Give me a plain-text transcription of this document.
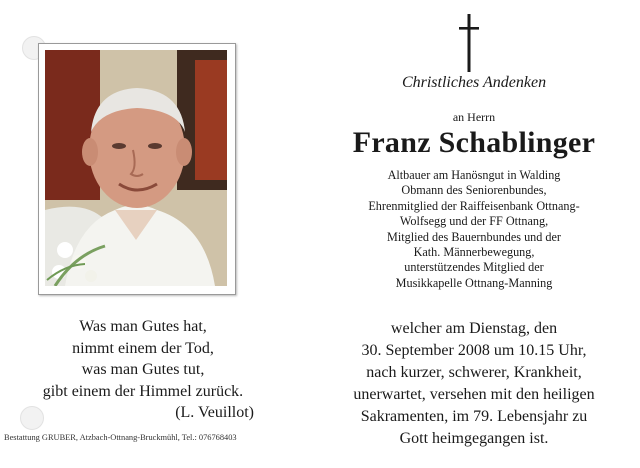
Christliches Andenken
an Herrn
Franz Schablinger
Altbauer am Hanösngut in Walding
Obmann des Seniorenbundes,
Ehrenmitglied der Raiffeisenbank Ottnang-
Wolfsegg und der FF Ottnang,
Mitglied des Bauernbundes und der
Kath. Männerbewegung,
unterstützendes Mitglied der
Musikkapelle Ottnang-Manning
welcher am Dienstag, den
30. September 2008 um 10.15 Uhr,
nach kurzer, schwerer, Krankheit,
unerwartet, versehen mit den heiligen
Sakramenten, im 79. Lebensjahr zu
Gott heimgegangen ist.
Was man Gutes hat,
nimmt einem der Tod,
was man Gutes tut,
gibt einem der Himmel zurück.
(L. Veuillot)
Bestattung GRUBER, Atzbach-Ottnang-Bruckmühl, Tel.: 076768403
